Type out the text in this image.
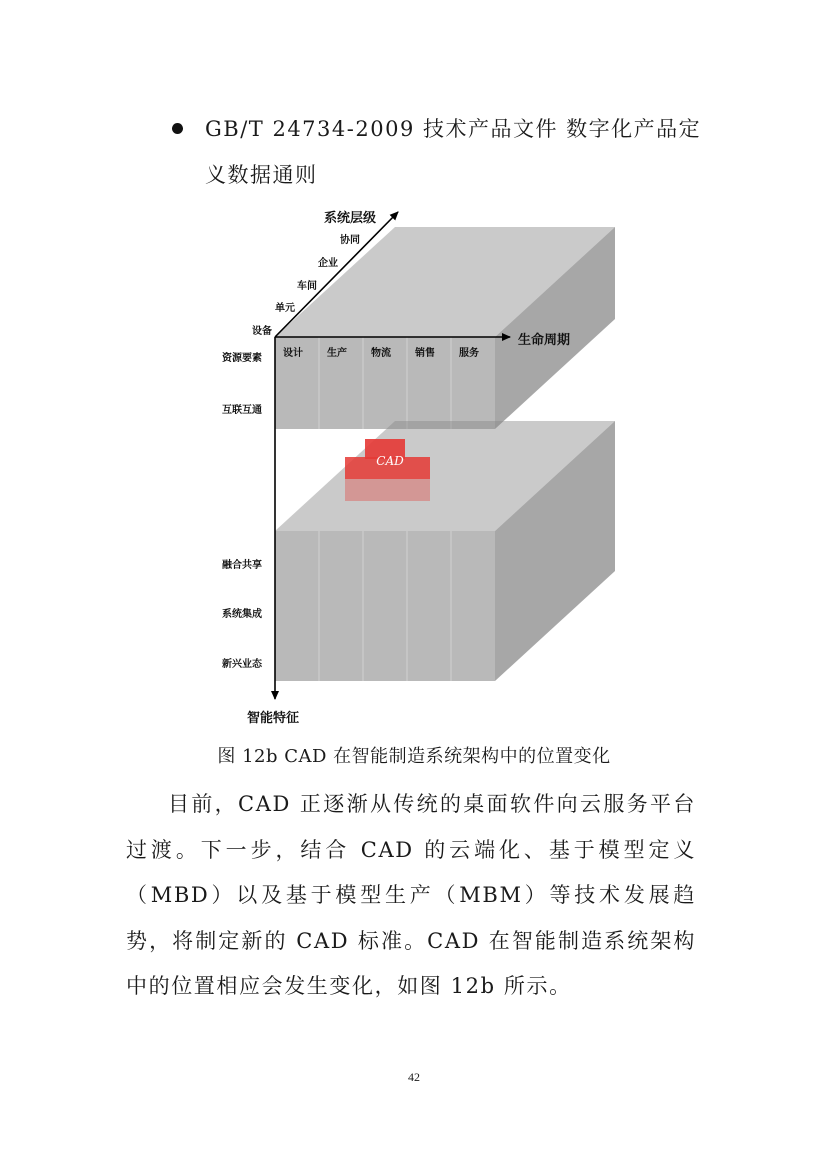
GB/T 24734-2009 技术产品文件 数字化产品定义数据通则
CAD
系统层级
生命周期
智能特征
协同
企业
车间
单元
设备
设计 生产 物流 销售 服务
资源要素
互联互通
融合共享
系统集成
新兴业态
图 12b CAD 在智能制造系统架构中的位置变化
目前，CAD 正逐渐从传统的桌面软件向云服务平台过渡。下一步，结合 CAD 的云端化、基于模型定义（MBD）以及基于模型生产（MBM）等技术发展趋势，将制定新的 CAD 标准。CAD 在智能制造系统架构中的位置相应会发生变化，如图 12b 所示。
42
